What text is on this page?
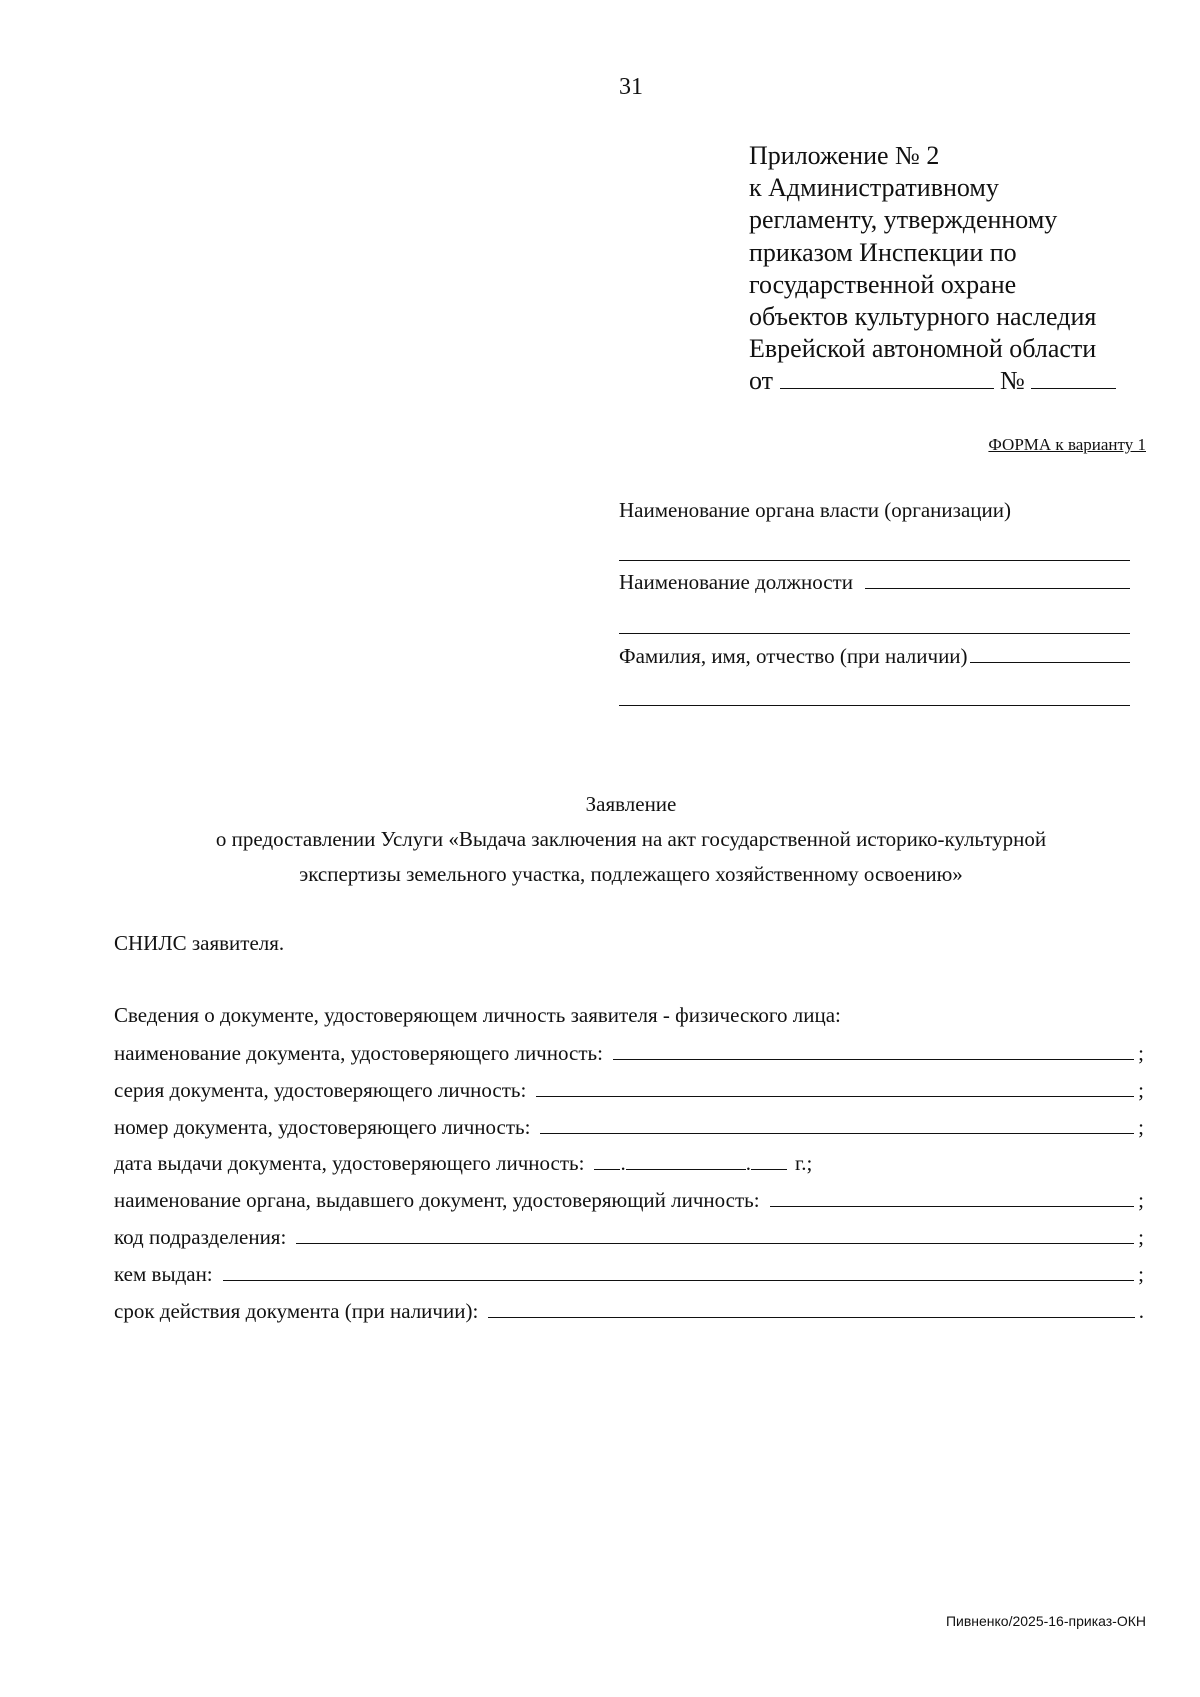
31
Приложение № 2
к Административному
регламенту, утвержденному
приказом Инспекции по
государственной охране
объектов культурного наследия
Еврейской автономной области
от	№
ФОРМА к варианту 1
Наименование органа власти (организации)
Наименование должности
Фамилия, имя, отчество (при наличии)
Заявление
о предоставлении Услуги «Выдача заключения на акт государственной историко-культурной
экспертизы земельного участка, подлежащего хозяйственному освоению»
СНИЛС заявителя.
Сведения о документе, удостоверяющем личность заявителя - физического лица:
наименование документа, удостоверяющего личность:	;
серия документа, удостоверяющего личность:	;
номер документа, удостоверяющего личность:	;
дата выдачи документа, удостоверяющего личность: .	. г.;
наименование органа, выдавшего документ, удостоверяющий личность:	;
код подразделения:	;
кем выдан:	;
срок действия документа (при наличии):	.
Пивненко/2025-16-приказ-ОКН
